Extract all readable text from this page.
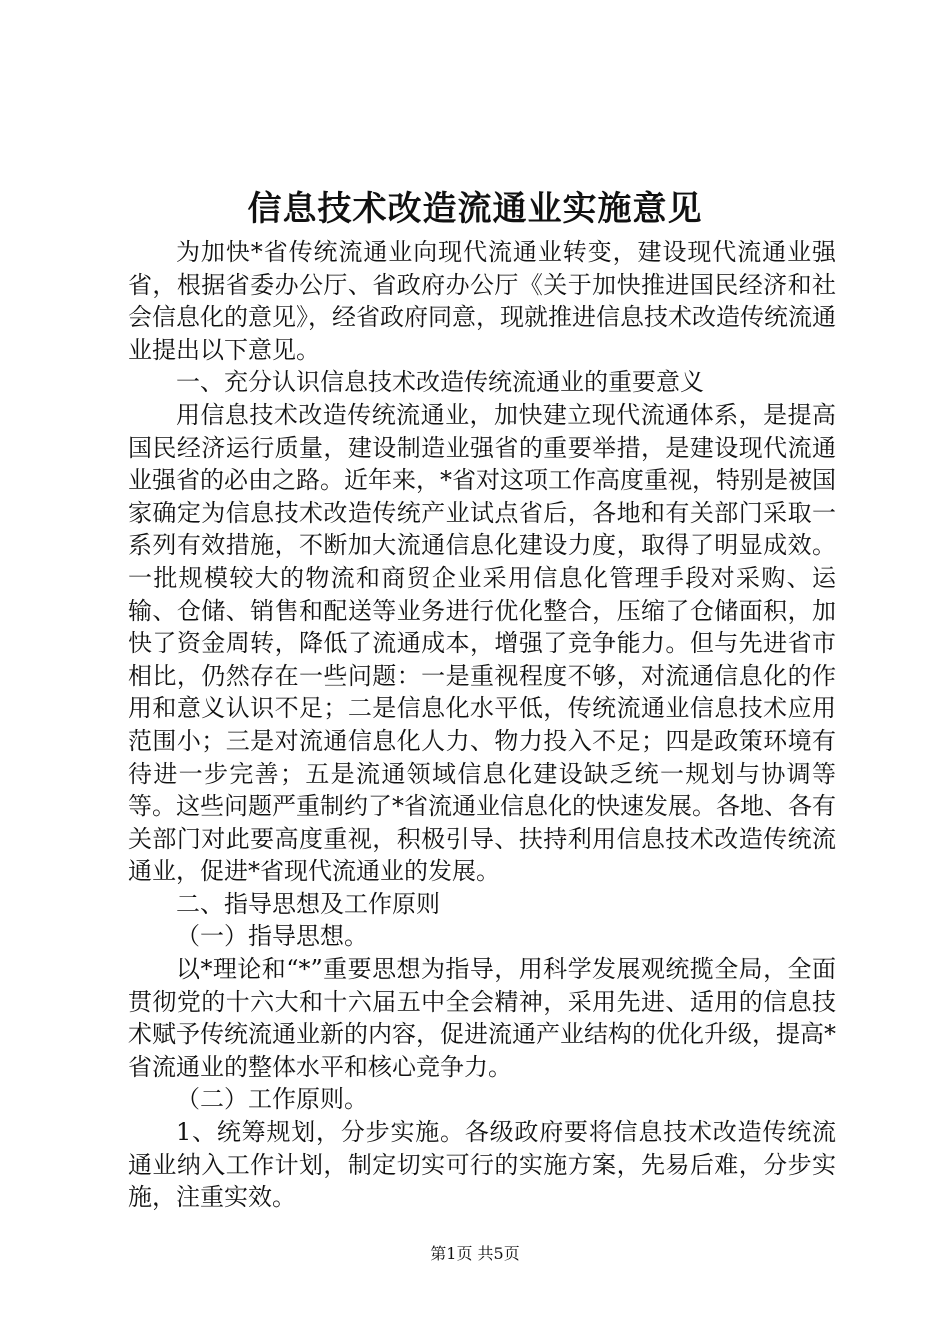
信息技术改造流通业实施意见

为加快*省传统流通业向现代流通业转变，建设现代流通业强省，根据省委办公厅、省政府办公厅《关于加快推进国民经济和社会信息化的意见》，经省政府同意，现就推进信息技术改造传统流通业提出以下意见。

一、充分认识信息技术改造传统流通业的重要意义

用信息技术改造传统流通业，加快建立现代流通体系，是提高国民经济运行质量，建设制造业强省的重要举措，是建设现代流通业强省的必由之路。近年来，*省对这项工作高度重视，特别是被国家确定为信息技术改造传统产业试点省后，各地和有关部门采取一系列有效措施，不断加大流通信息化建设力度，取得了明显成效。一批规模较大的物流和商贸企业采用信息化管理手段对采购、运输、仓储、销售和配送等业务进行优化整合，压缩了仓储面积，加快了资金周转，降低了流通成本，增强了竞争能力。但与先进省市相比，仍然存在一些问题：一是重视程度不够，对流通信息化的作用和意义认识不足；二是信息化水平低，传统流通业信息技术应用范围小；三是对流通信息化人力、物力投入不足；四是政策环境有待进一步完善；五是流通领域信息化建设缺乏统一规划与协调等等。这些问题严重制约了*省流通业信息化的快速发展。各地、各有关部门对此要高度重视，积极引导、扶持利用信息技术改造传统流通业，促进*省现代流通业的发展。

二、指导思想及工作原则

（一）指导思想。

以*理论和“*”重要思想为指导，用科学发展观统揽全局，全面贯彻党的十六大和十六届五中全会精神，采用先进、适用的信息技术赋予传统流通业新的内容，促进流通产业结构的优化升级，提高*省流通业的整体水平和核心竞争力。

（二）工作原则。

1、统筹规划，分步实施。各级政府要将信息技术改造传统流通业纳入工作计划，制定切实可行的实施方案，先易后难，分步实施，注重实效。

第1页 共5页
